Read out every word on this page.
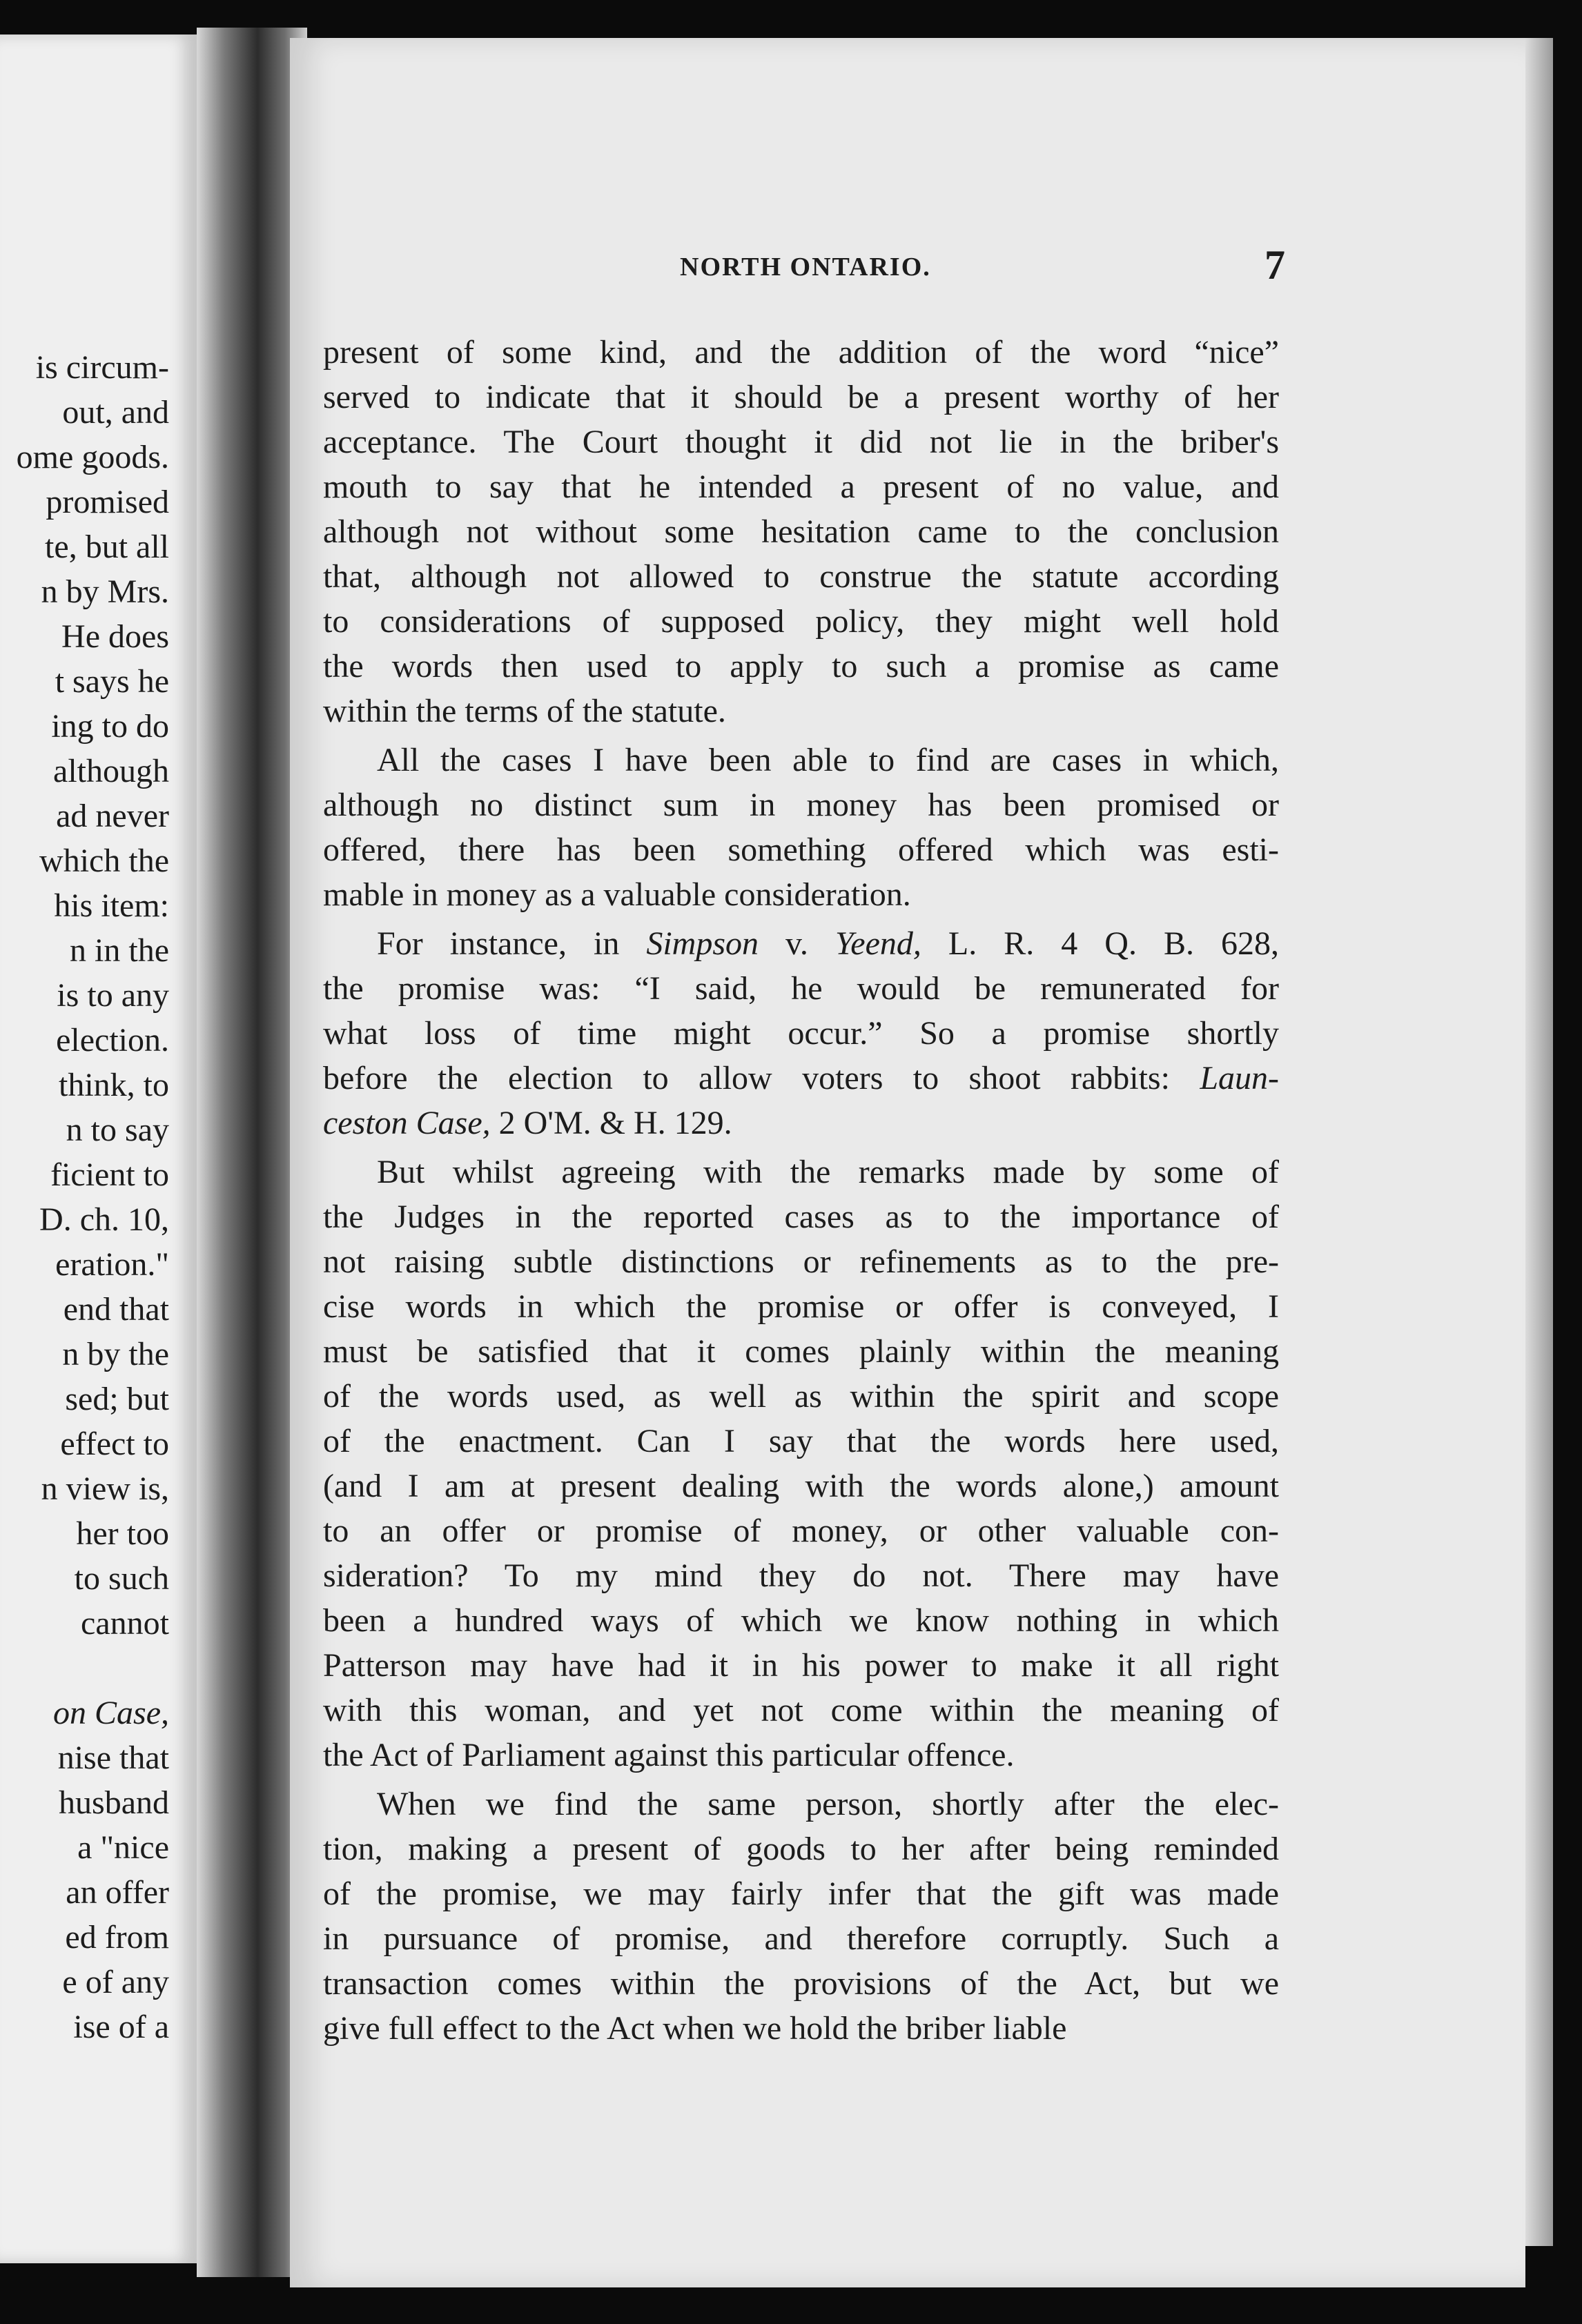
is circum-
out, and
ome goods.
promised
te, but all
n by Mrs.
He does
t says he
ing to do
although
ad never
which the
his item:
n in the
is to any
election.
think, to
n to say
ficient to
D. ch. 10,
eration."
end that
n by the
sed; but
effect to
n view is,
her too
to such
cannot
on Case,
nise that
husband
a "nice
an offer
ed from
e of any
ise of a
NORTH ONTARIO.	7
present of some kind, and the addition of the word “nice”
served to indicate that it should be a present worthy of her
acceptance. The Court thought it did not lie in the briber's
mouth to say that he intended a present of no value, and
although not without some hesitation came to the conclusion
that, although not allowed to construe the statute according
to considerations of supposed policy, they might well hold
the words then used to apply to such a promise as came
within the terms of the statute.
All the cases I have been able to find are cases in which,
although no distinct sum in money has been promised or
offered, there has been something offered which was esti-
mable in money as a valuable consideration.
For instance, in Simpson v. Yeend, L. R. 4 Q. B. 628,
the promise was: “I said, he would be remunerated for
what loss of time might occur.” So a promise shortly
before the election to allow voters to shoot rabbits: Laun-
ceston Case, 2 O'M. & H. 129.
But whilst agreeing with the remarks made by some of
the Judges in the reported cases as to the importance of
not raising subtle distinctions or refinements as to the pre-
cise words in which the promise or offer is conveyed, I
must be satisfied that it comes plainly within the meaning
of the words used, as well as within the spirit and scope
of the enactment. Can I say that the words here used,
(and I am at present dealing with the words alone,) amount
to an offer or promise of money, or other valuable con-
sideration? To my mind they do not. There may have
been a hundred ways of which we know nothing in which
Patterson may have had it in his power to make it all right
with this woman, and yet not come within the meaning of
the Act of Parliament against this particular offence.
When we find the same person, shortly after the elec-
tion, making a present of goods to her after being reminded
of the promise, we may fairly infer that the gift was made
in pursuance of promise, and therefore corruptly. Such a
transaction comes within the provisions of the Act, but we
give full effect to the Act when we hold the briber liable
